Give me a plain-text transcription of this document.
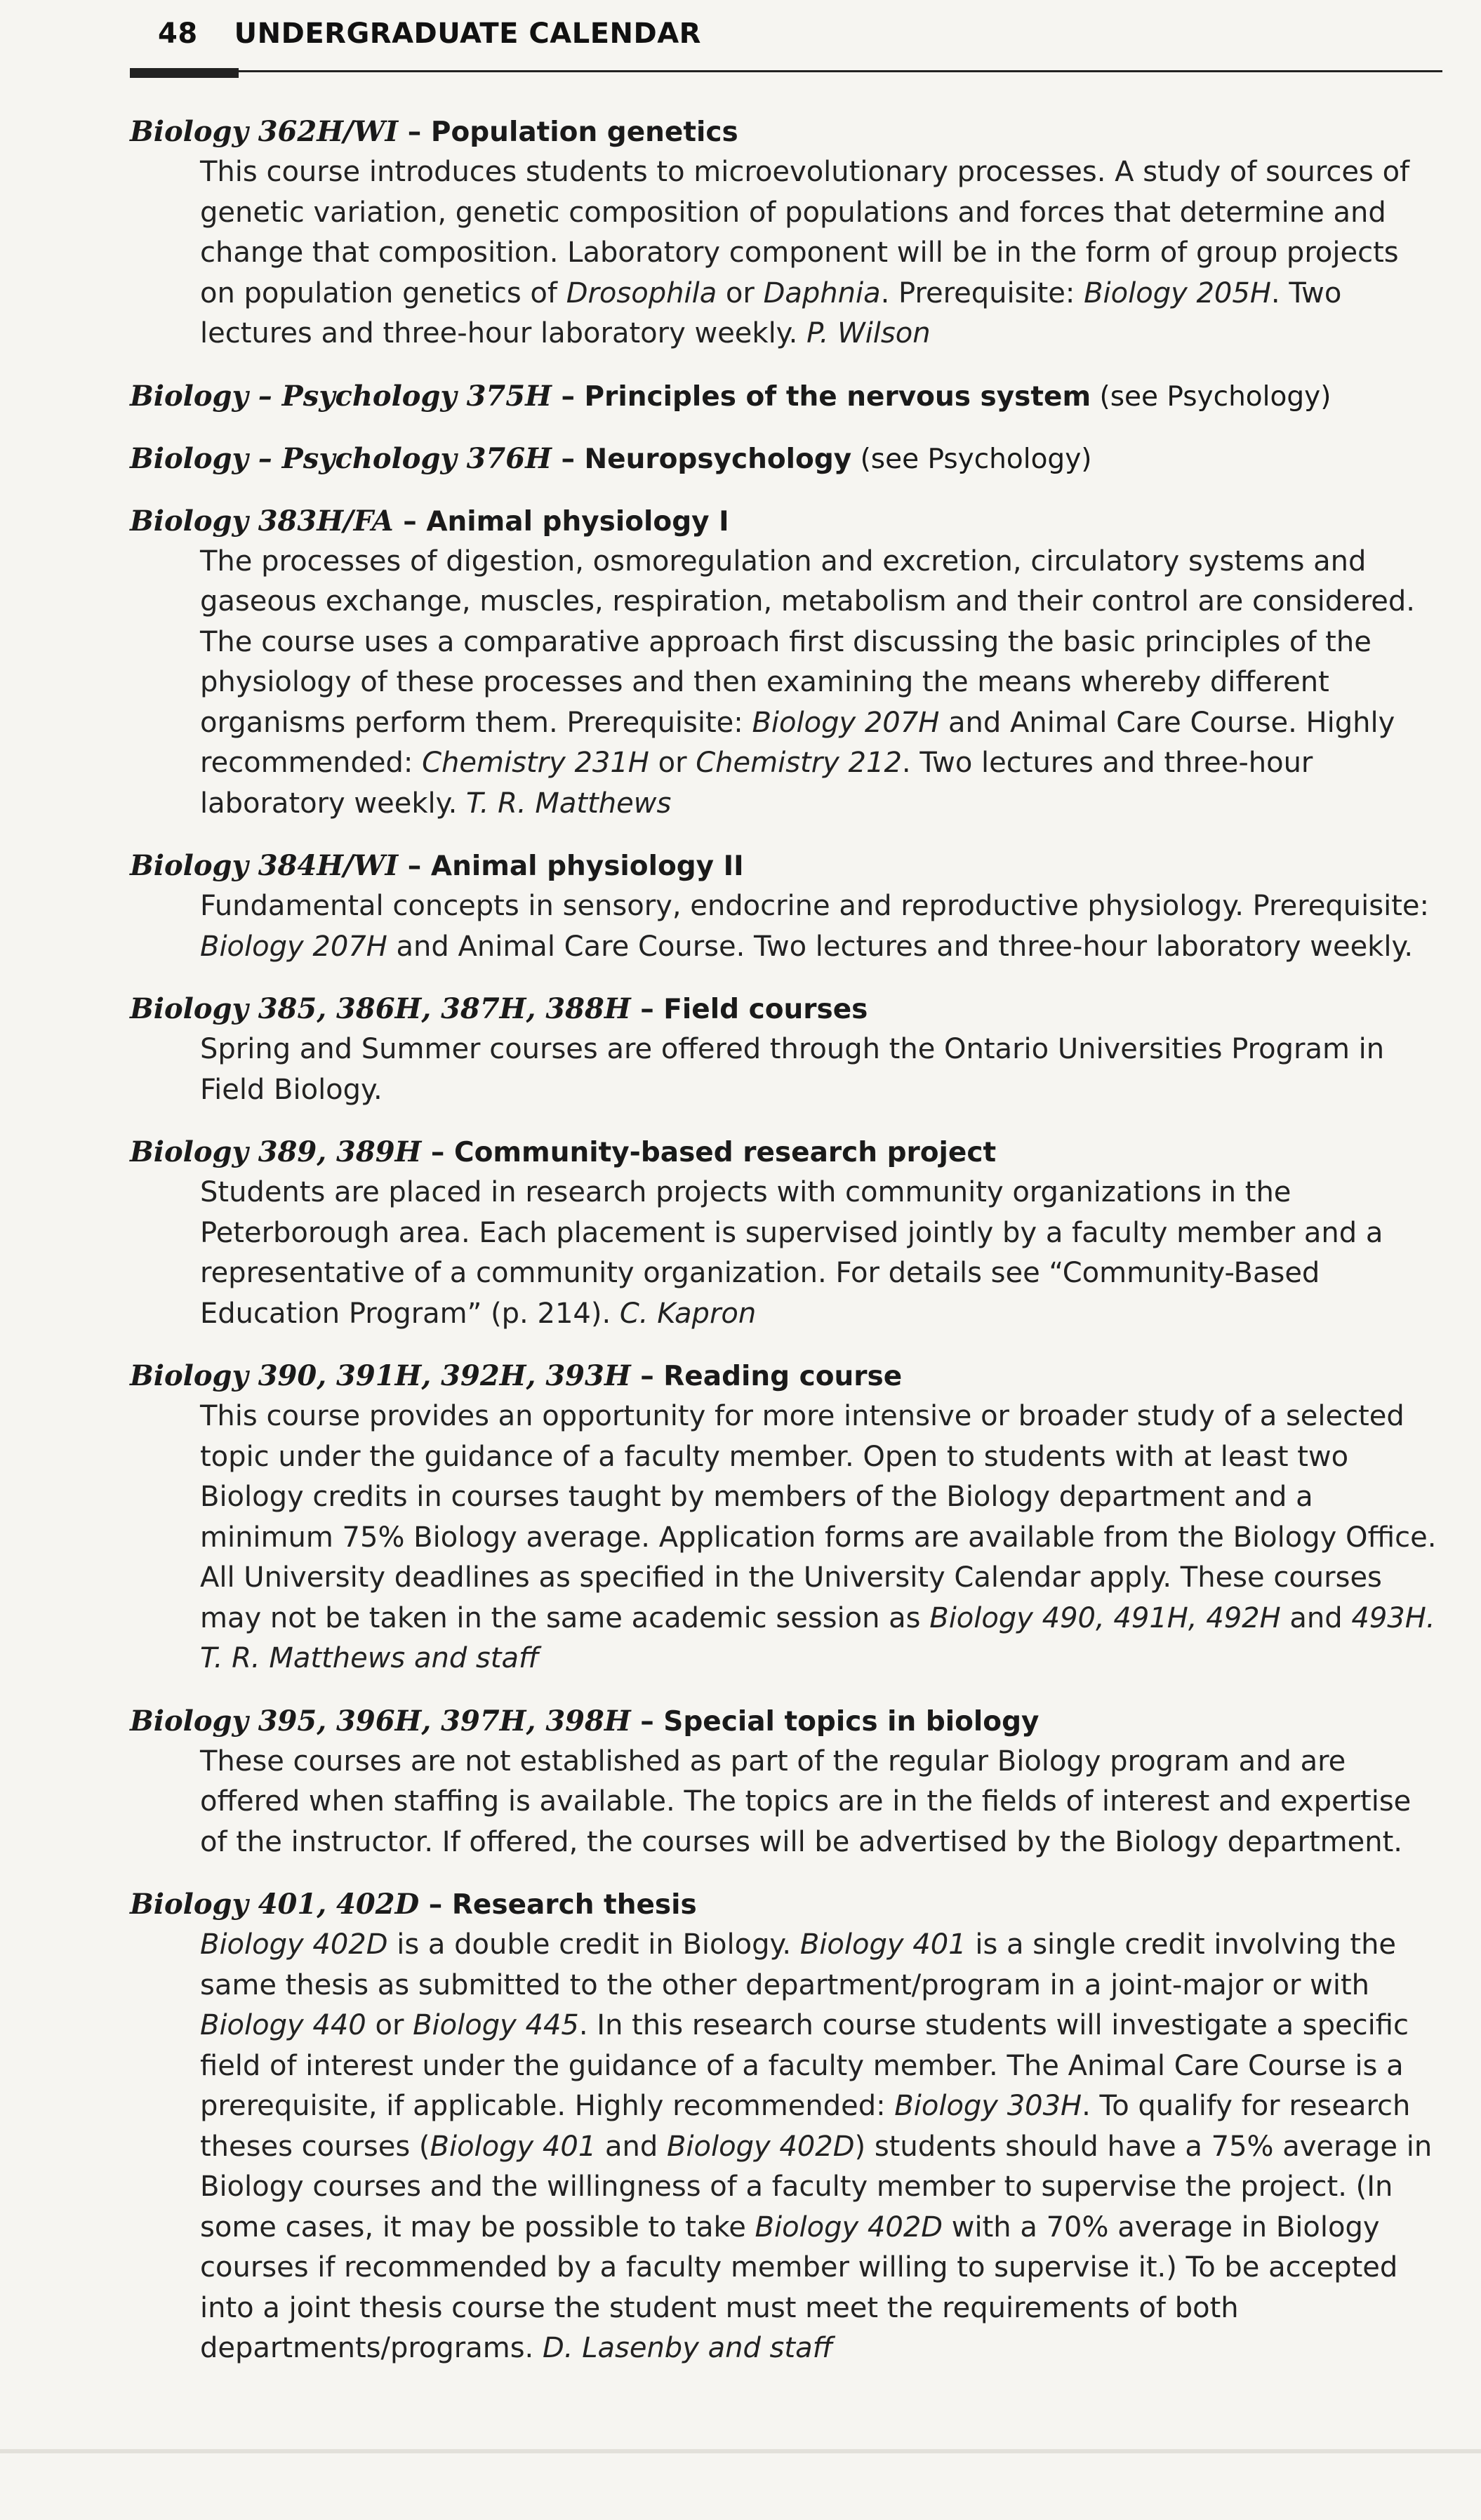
48 UNDERGRADUATE CALENDAR
Biology 362H/WI – Population genetics

This course introduces students to microevolutionary processes. A study of sources of genetic variation, genetic composition of populations and forces that determine and change that composition. Laboratory component will be in the form of group projects on population genetics of Drosophila or Daphnia. Prerequisite: Biology 205H. Two lectures and three-hour laboratory weekly. P. Wilson

Biology – Psychology 375H – Principles of the nervous system (see Psychology)
Biology – Psychology 376H – Neuropsychology (see Psychology)
Biology 383H/FA – Animal physiology I

The processes of digestion, osmoregulation and excretion, circulatory systems and gaseous exchange, muscles, respiration, metabolism and their control are considered. The course uses a comparative approach first discussing the basic principles of the physiology of these processes and then examining the means whereby different organisms perform them. Prerequisite: Biology 207H and Animal Care Course. Highly recommended: Chemistry 231H or Chemistry 212. Two lectures and three-hour laboratory weekly. T. R. Matthews

Biology 384H/WI – Animal physiology II

Fundamental concepts in sensory, endocrine and reproductive physiology. Prerequisite: Biology 207H and Animal Care Course. Two lectures and three-hour laboratory weekly.

Biology 385, 386H, 387H, 388H – Field courses

Spring and Summer courses are offered through the Ontario Universities Program in Field Biology.

Biology 389, 389H – Community-based research project

Students are placed in research projects with community organizations in the Peterborough area. Each placement is supervised jointly by a faculty member and a representative of a community organization. For details see “Community-Based Education Program” (p. 214). C. Kapron

Biology 390, 391H, 392H, 393H – Reading course

This course provides an opportunity for more intensive or broader study of a selected topic under the guidance of a faculty member. Open to students with at least two Biology credits in courses taught by members of the Biology department and a minimum 75% Biology average. Application forms are available from the Biology Office. All University deadlines as specified in the University Calendar apply. These courses may not be taken in the same academic session as Biology 490, 491H, 492H and 493H. T. R. Matthews and staff

Biology 395, 396H, 397H, 398H – Special topics in biology

These courses are not established as part of the regular Biology program and are offered when staffing is available. The topics are in the fields of interest and expertise of the instructor. If offered, the courses will be advertised by the Biology department.

Biology 401, 402D – Research thesis

Biology 402D is a double credit in Biology. Biology 401 is a single credit involving the same thesis as submitted to the other department/program in a joint-major or with Biology 440 or Biology 445. In this research course students will investigate a specific field of interest under the guidance of a faculty member. The Animal Care Course is a prerequisite, if applicable. Highly recommended: Biology 303H. To qualify for research theses courses (Biology 401 and Biology 402D) students should have a 75% average in Biology courses and the willingness of a faculty member to supervise the project. (In some cases, it may be possible to take Biology 402D with a 70% average in Biology courses if recommended by a faculty member willing to supervise it.) To be accepted into a joint thesis course the student must meet the requirements of both departments/programs. D. Lasenby and staff
